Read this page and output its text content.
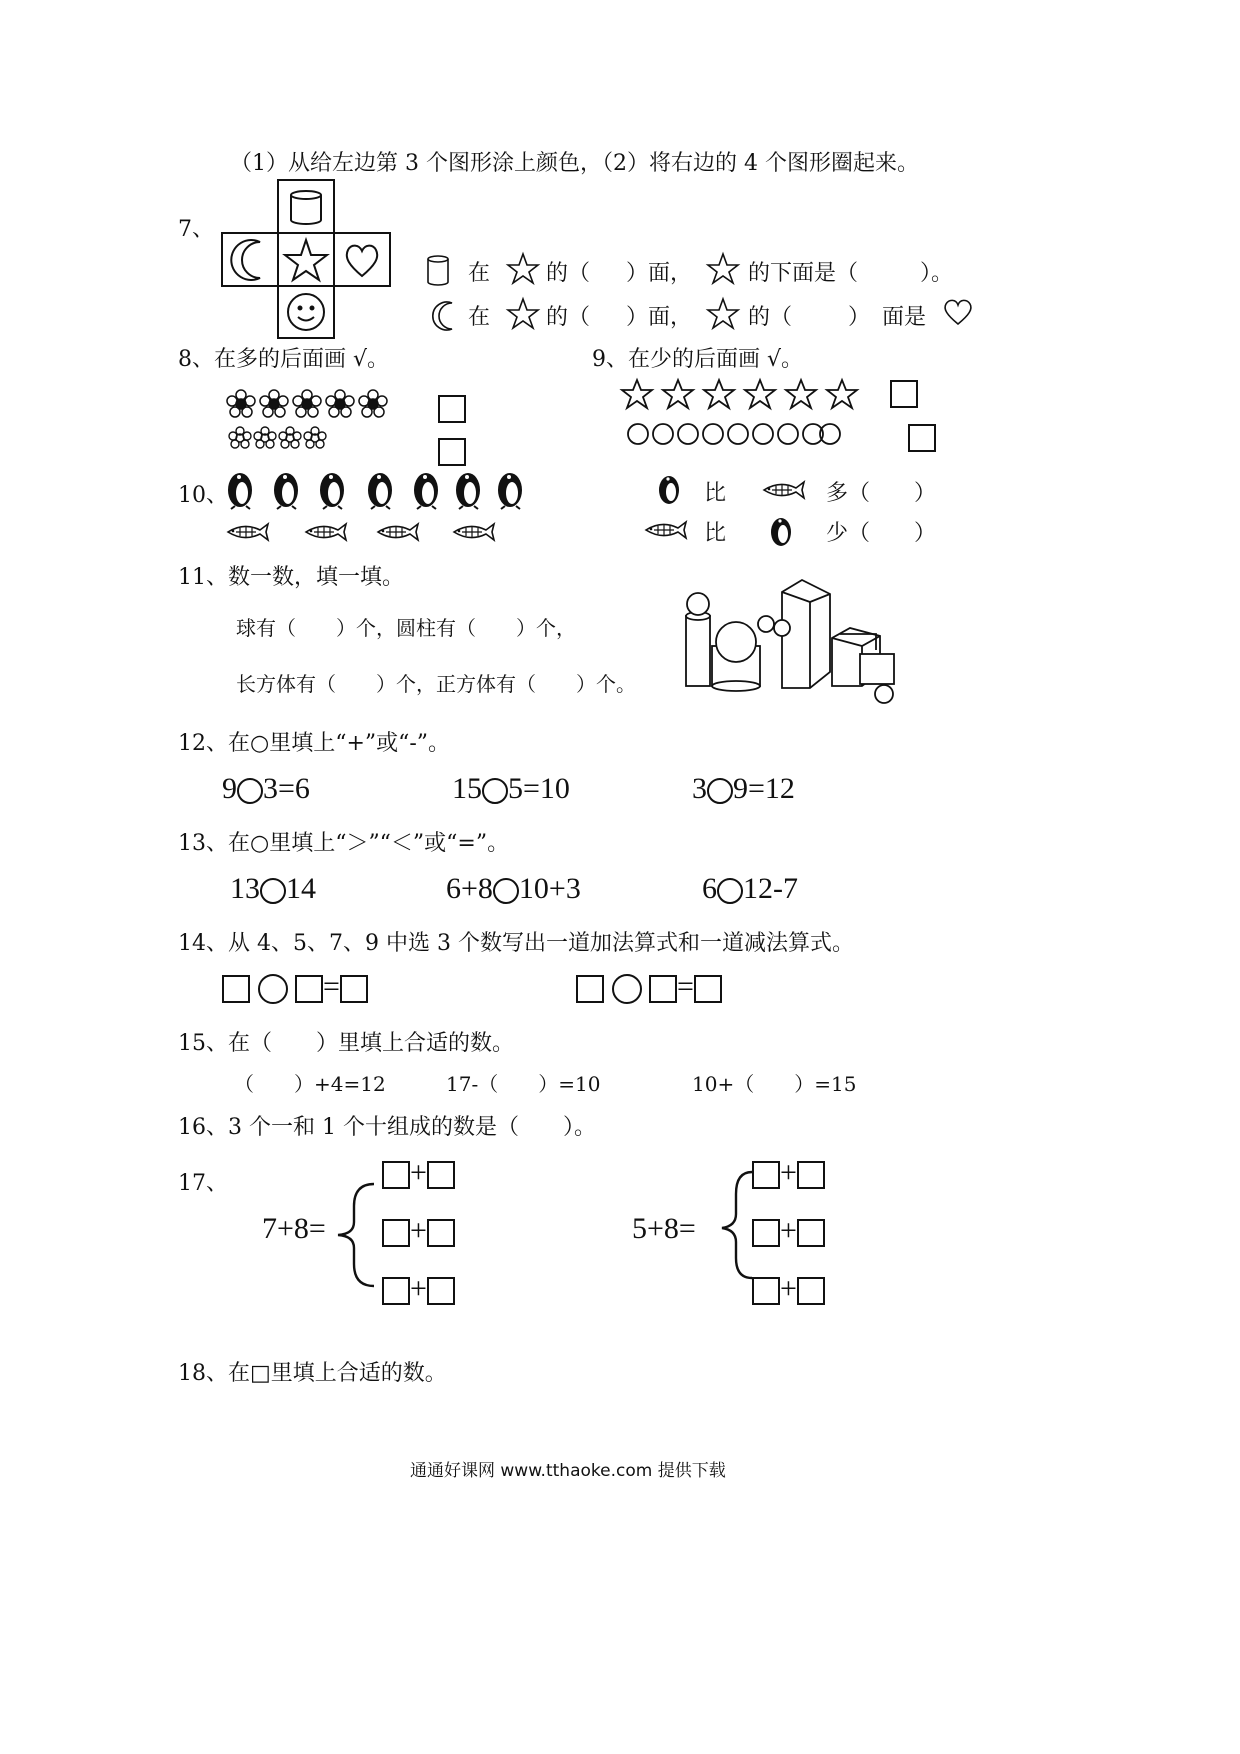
（1）从给左边第 3 个图形涂上颜色，（2）将右边的 4 个图形圈起来。
7、
在	的（ ）面，	的下面是（	）。
在	的（ ）面，	的（	） 面是
8、在多的后面画 √。	9、在少的后面画 √。
10、	比	多（ ）
比	少（ ）
11、数一数，填一填。
球有（　　）个，圆柱有（　　）个，
长方体有（　　）个，正方体有（　　）个。
12、在○里填上“+”或“-”。
9 3=6	15 5=10	3 9=12
13、在○里填上“＞”“＜”或“=”。
13 14	6+8 10+3	6 12-7
14、从 4、5、7、9 中选 3 个数写出一道加法算式和一道减法算式。
=	=
15、在（　　）里填上合适的数。
（　　）+4=12	17-（　　）=10	10+（　　）=15
16、3 个一和 1 个十组成的数是（　　）。
17、
7+8=
+
+
+
5+8=
+
+
+
18、在□里填上合适的数。
通通好课网 www.tthaoke.com 提供下载
